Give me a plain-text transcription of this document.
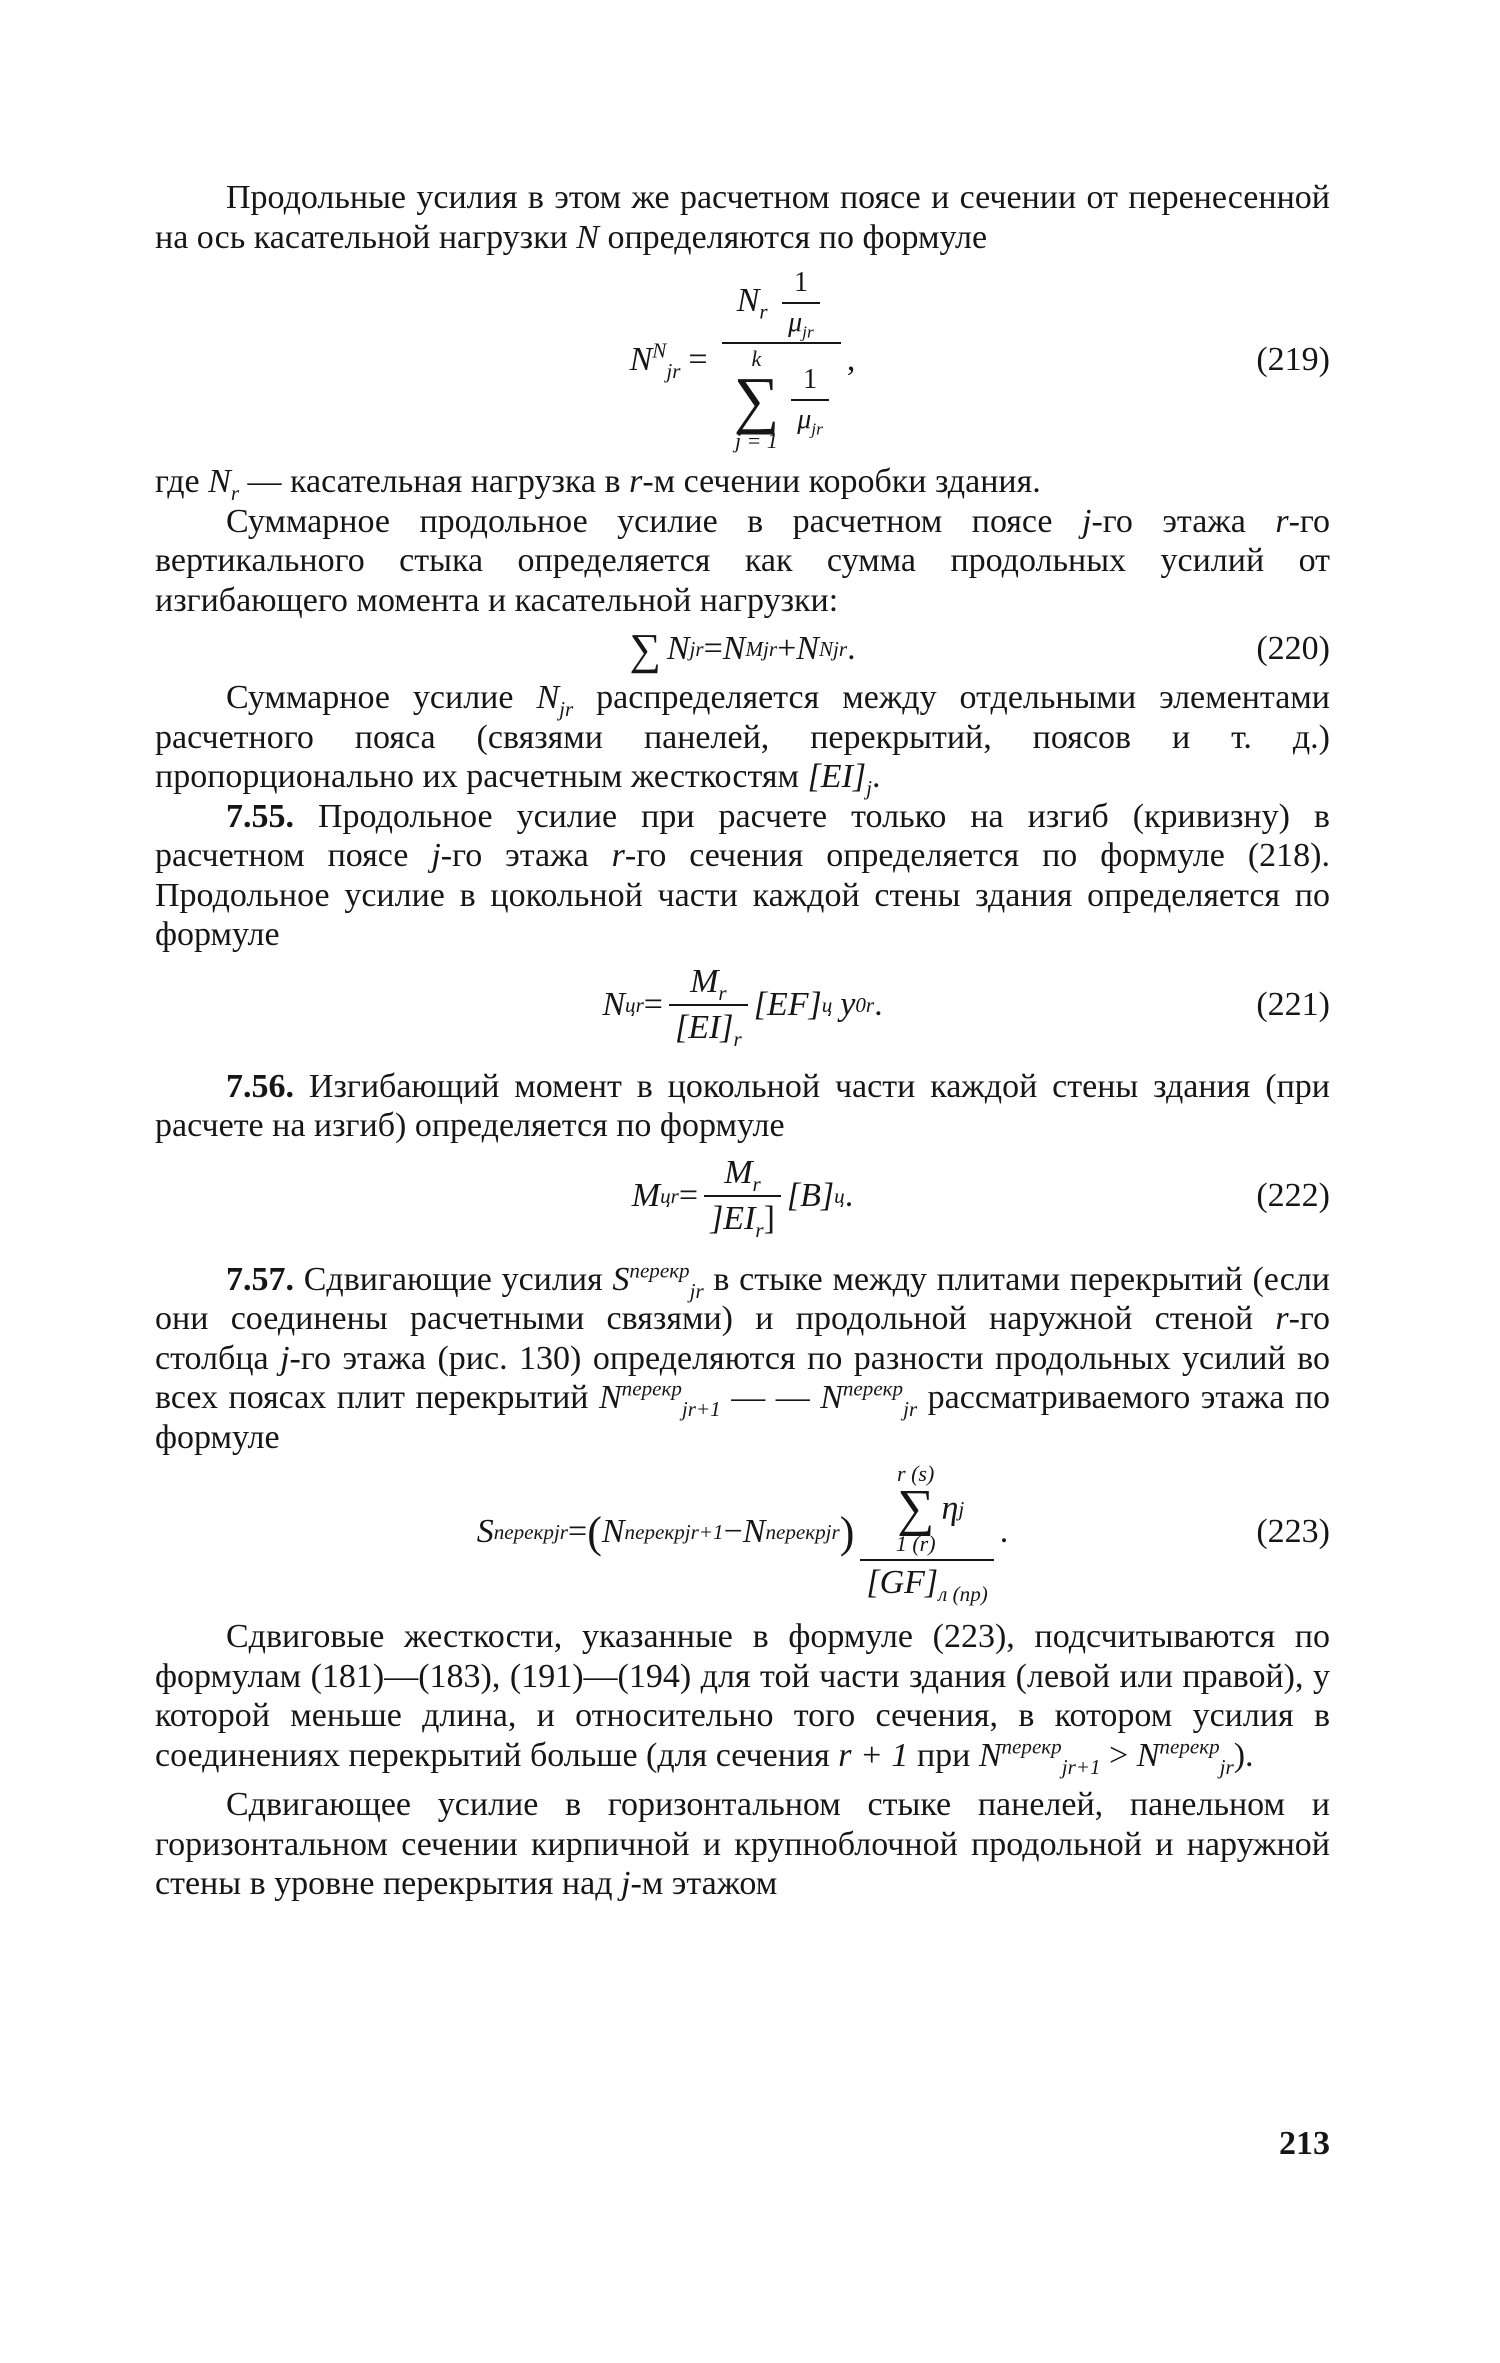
Продольные усилия в этом же расчетном поясе и сечении от перенесенной на ось касательной нагрузки N определяются по формуле

$N^N_{jr}$ =
$N_r \frac{1}{\mu_{jr}}$
k
∑
j = 1
$\frac{1}{\mu_{jr}}$
,	(219)

где $N_r$ — касательная нагрузка в r-м сечении коробки здания.

Суммарное продольное усилие в расчетном поясе j-го этажа r-го вертикального стыка определяется как сумма продольных усилий от изгибающего момента и касательной нагрузки:

∑ N jr = N M jr + N N jr .	(220)

Суммарное усилие $N_{jr}$ распределяется между отдельными элементами расчетного пояса (связями панелей, перекрытий, поясов и т. д.) пропорционально их расчетным жесткостям $[EI]_j$.

7.55. Продольное усилие при расчете только на изгиб (кривизну) в расчетном поясе j-го этажа r-го сечения определяется по формуле (218). Продольное усилие в цокольной части каждой стены здания определяется по формуле

N цr = $\frac{M_r}{[EI]_r} [EF]$ ц y 0r .	(221)

7.56. Изгибающий момент в цокольной части каждой стены здания (при расчете на изгиб) определяется по формуле

M цr = $\frac{M_r}{]EI_r]} [B]$ ц .	(222)

7.57. Сдвигающие усилия $S^{перекр}_{jr}$ в стыке между плитами перекрытий (если они соединены расчетными связями) и продольной наружной стеной r-го столбца j-го этажа (рис. 130) определяются по разности продольных усилий во всех поясах плит перекрытий $N^{перекр}_{jr+1}$ — — $N^{перекр}_{jr}$ рассматриваемого этажа по формуле

S перекр jr = ( N перекр jr+1 − N перекр jr )
r (s)
∑
1 (r)
η j
$[GF]_{л (пр)}$
.	(223)

Сдвиговые жесткости, указанные в формуле (223), подсчитываются по формулам (181)—(183), (191)—(194) для той части здания (левой или правой), у которой меньше длина, и относительно того сечения, в котором усилия в соединениях перекрытий больше (для сечения r + 1 при $N^{перекр}_{jr+1} > N^{перекр}_{jr}$).

Сдвигающее усилие в горизонтальном стыке панелей, панельном и горизонтальном сечении кирпичной и крупноблочной продольной и наружной стены в уровне перекрытия над j-м этажом

213
